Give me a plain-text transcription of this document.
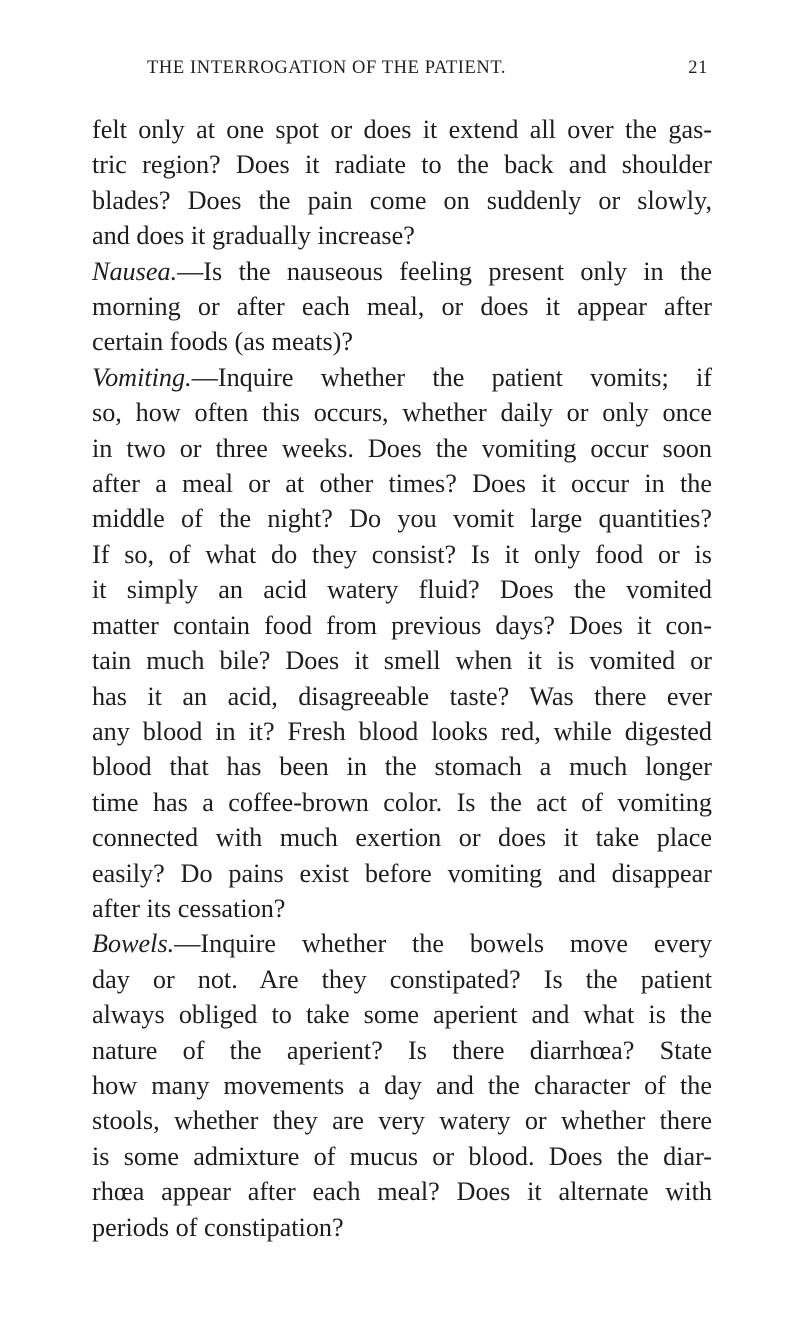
THE INTERROGATION OF THE PATIENT.	21
felt only at one spot or does it extend all over the gas-
tric region? Does it radiate to the back and shoulder
blades? Does the pain come on suddenly or slowly,
and does it gradually increase?
Nausea.—Is the nauseous feeling present only in the
morning or after each meal, or does it appear after
certain foods (as meats)?
Vomiting.—Inquire whether the patient vomits; if
so, how often this occurs, whether daily or only once
in two or three weeks. Does the vomiting occur soon
after a meal or at other times? Does it occur in the
middle of the night? Do you vomit large quantities?
If so, of what do they consist? Is it only food or is
it simply an acid watery fluid? Does the vomited
matter contain food from previous days? Does it con-
tain much bile? Does it smell when it is vomited or
has it an acid, disagreeable taste? Was there ever
any blood in it? Fresh blood looks red, while digested
blood that has been in the stomach a much longer
time has a coffee-brown color. Is the act of vomiting
connected with much exertion or does it take place
easily? Do pains exist before vomiting and disappear
after its cessation?
Bowels.—Inquire whether the bowels move every
day or not. Are they constipated? Is the patient
always obliged to take some aperient and what is the
nature of the aperient? Is there diarrhœa? State
how many movements a day and the character of the
stools, whether they are very watery or whether there
is some admixture of mucus or blood. Does the diar-
rhœa appear after each meal? Does it alternate with
periods of constipation?
